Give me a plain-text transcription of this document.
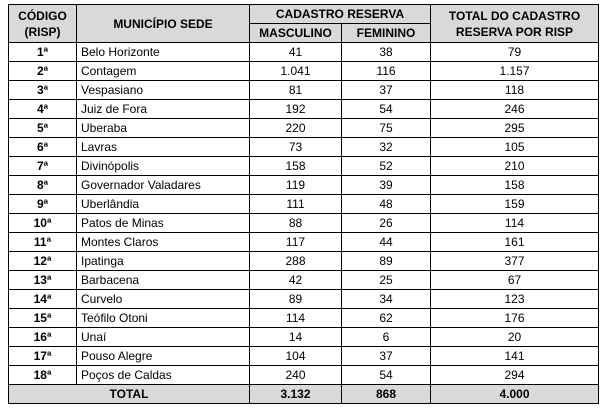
CÓDIGO
(RISP)	MUNICÍPIO SEDE	CADASTRO RESERVA		TOTAL DO CADASTRO
RESERVA POR RISP

		MASCULINO	FEMININO	
1ª	Belo Horizonte	41	38	79
2ª	Contagem	1.041	116	1.157
3ª	Vespasiano	81	37	118
4ª	Juiz de Fora	192	54	246
5ª	Uberaba	220	75	295
6ª	Lavras	73	32	105
7ª	Divinópolis	158	52	210
8ª	Governador Valadares	119	39	158
9ª	Uberlândia	111	48	159
10ª	Patos de Minas	88	26	114
11ª	Montes Claros	117	44	161
12ª	Ipatinga	288	89	377
13ª	Barbacena	42	25	67
14ª	Curvelo	89	34	123
15ª	Teófilo Otoni	114	62	176
16ª	Unaí	14	6	20
17ª	Pouso Alegre	104	37	141
18ª	Poços de Caldas	240	54	294
TOTAL		3.132	868	4.000
